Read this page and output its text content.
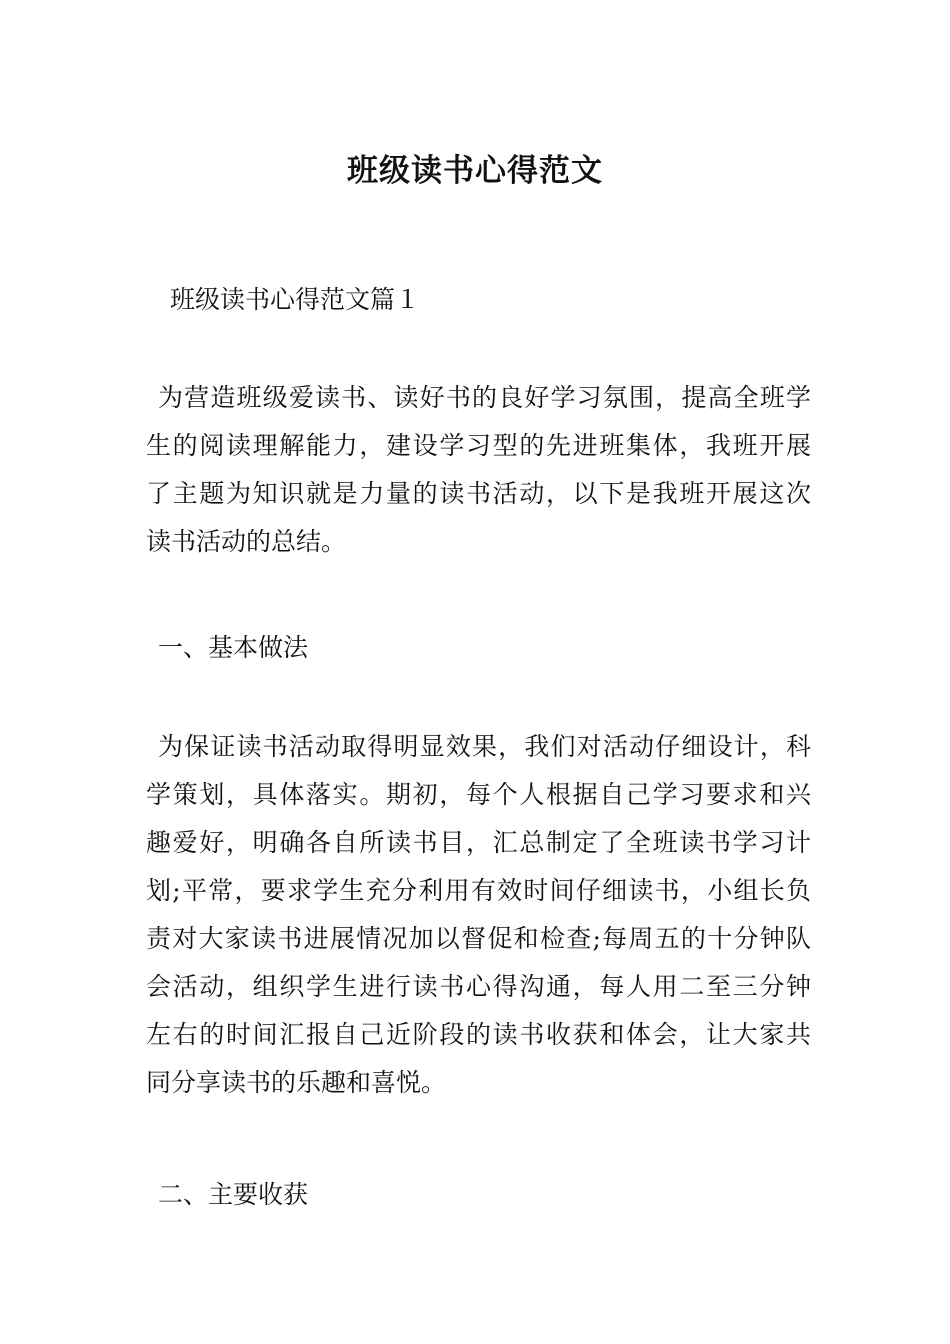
班级读书心得范文

班级读书心得范文篇１

为营造班级爱读书、读好书的良好学习氛围，提高全班学
生的阅读理解能力，建设学习型的先进班集体，我班开展
了主题为知识就是力量的读书活动，以下是我班开展这次
读书活动的总结。

一、基本做法

为保证读书活动取得明显效果，我们对活动仔细设计，科
学策划，具体落实。期初，每个人根据自己学习要求和兴
趣爱好，明确各自所读书目，汇总制定了全班读书学习计
划;平常，要求学生充分利用有效时间仔细读书，小组长负
责对大家读书进展情况加以督促和检查;每周五的十分钟队
会活动，组织学生进行读书心得沟通，每人用二至三分钟
左右的时间汇报自己近阶段的读书收获和体会，让大家共
同分享读书的乐趣和喜悦。

二、主要收获
